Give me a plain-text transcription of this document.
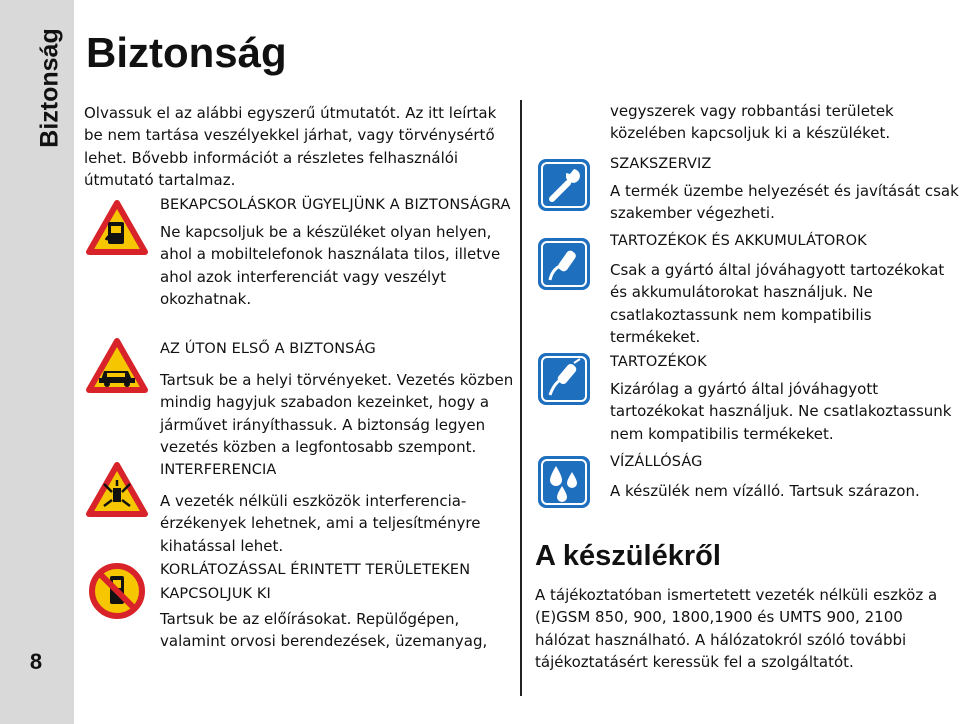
Biztonság
8
Biztonság

Olvassuk el az alábbi egyszerű útmutatót. Az itt leírtak be nem tartása veszélyekkel járhat, vagy törvénysértő lehet. Bővebb információt a részletes felhasználói útmutató tartalmaz.

BEKAPCSOLÁSKOR ÜGYELJÜNK A BIZTONSÁGRA
Ne kapcsoljuk be a készüléket olyan helyen, ahol a mobiltelefonok használata tilos, illetve ahol azok interferenciát vagy veszélyt okozhatnak.
AZ ÚTON ELSŐ A BIZTONSÁG
Tartsuk be a helyi törvényeket. Vezetés közben mindig hagyjuk szabadon kezeinket, hogy a járművet irányíthassuk. A biztonság legyen vezetés közben a legfontosabb szempont.
INTERFERENCIA
A vezeték nélküli eszközök interferencia-érzékenyek lehetnek, ami a teljesítményre kihatással lehet.
KORLÁTOZÁSSAL ÉRINTETT TERÜLETEKEN KAPCSOLJUK KI
Tartsuk be az előírásokat. Repülőgépen, valamint orvosi berendezések, üzemanyag,
vegyszerek vagy robbantási területek közelében kapcsoljuk ki a készüléket.
SZAKSZERVIZ
A termék üzembe helyezését és javítását csak szakember végezheti.
TARTOZÉKOK ÉS AKKUMULÁTOROK
Csak a gyártó által jóváhagyott tartozékokat és akkumulátorokat használjuk. Ne csatlakoztassunk nem kompatibilis termékeket.
TARTOZÉKOK
Kizárólag a gyártó által jóváhagyott tartozékokat használjuk. Ne csatlakoztassunk nem kompatibilis termékeket.
VÍZÁLLÓSÁG
A készülék nem vízálló. Tartsuk szárazon.
A készülékről
A tájékoztatóban ismertetett vezeték nélküli eszköz a (E)GSM 850, 900, 1800,1900 és UMTS 900, 2100 hálózat használható. A hálózatokról szóló további tájékoztatásért keressük fel a szolgáltatót.
